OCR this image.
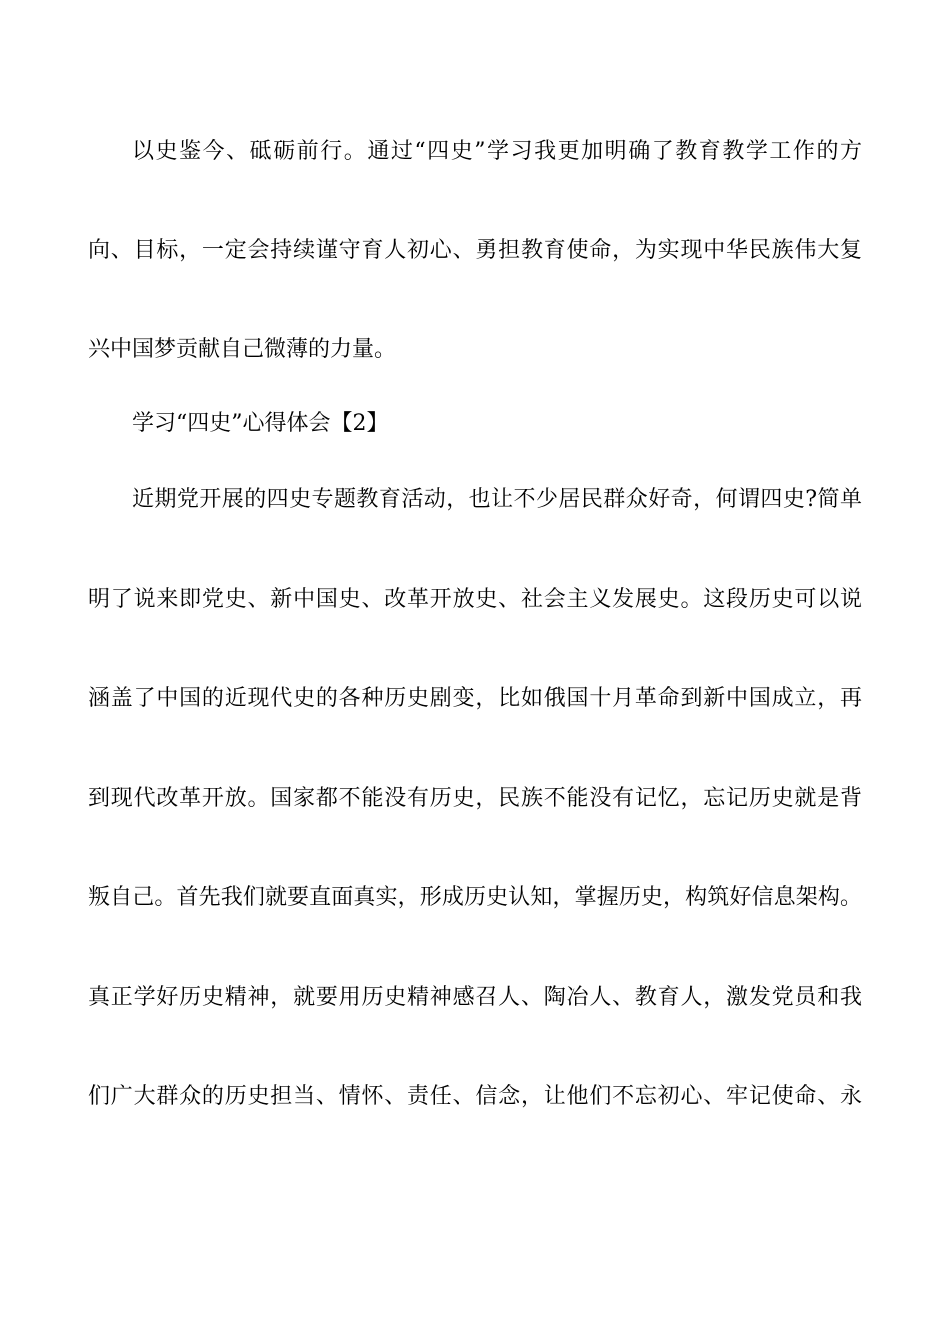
以史鉴今、砥砺前行。通过“四史”学习我更加明确了教育教学工作的方
向、目标，一定会持续谨守育人初心、勇担教育使命，为实现中华民族伟大复
兴中国梦贡献自己微薄的力量。
学习“四史”心得体会【2】
近期党开展的四史专题教育活动，也让不少居民群众好奇，何谓四史?简单
明了说来即党史、新中国史、改革开放史、社会主义发展史。这段历史可以说
涵盖了中国的近现代史的各种历史剧变，比如俄国十月革命到新中国成立，再
到现代改革开放。国家都不能没有历史，民族不能没有记忆，忘记历史就是背
叛自己。首先我们就要直面真实，形成历史认知，掌握历史，构筑好信息架构。
真正学好历史精神，就要用历史精神感召人、陶冶人、教育人，激发党员和我
们广大群众的历史担当、情怀、责任、信念，让他们不忘初心、牢记使命、永
